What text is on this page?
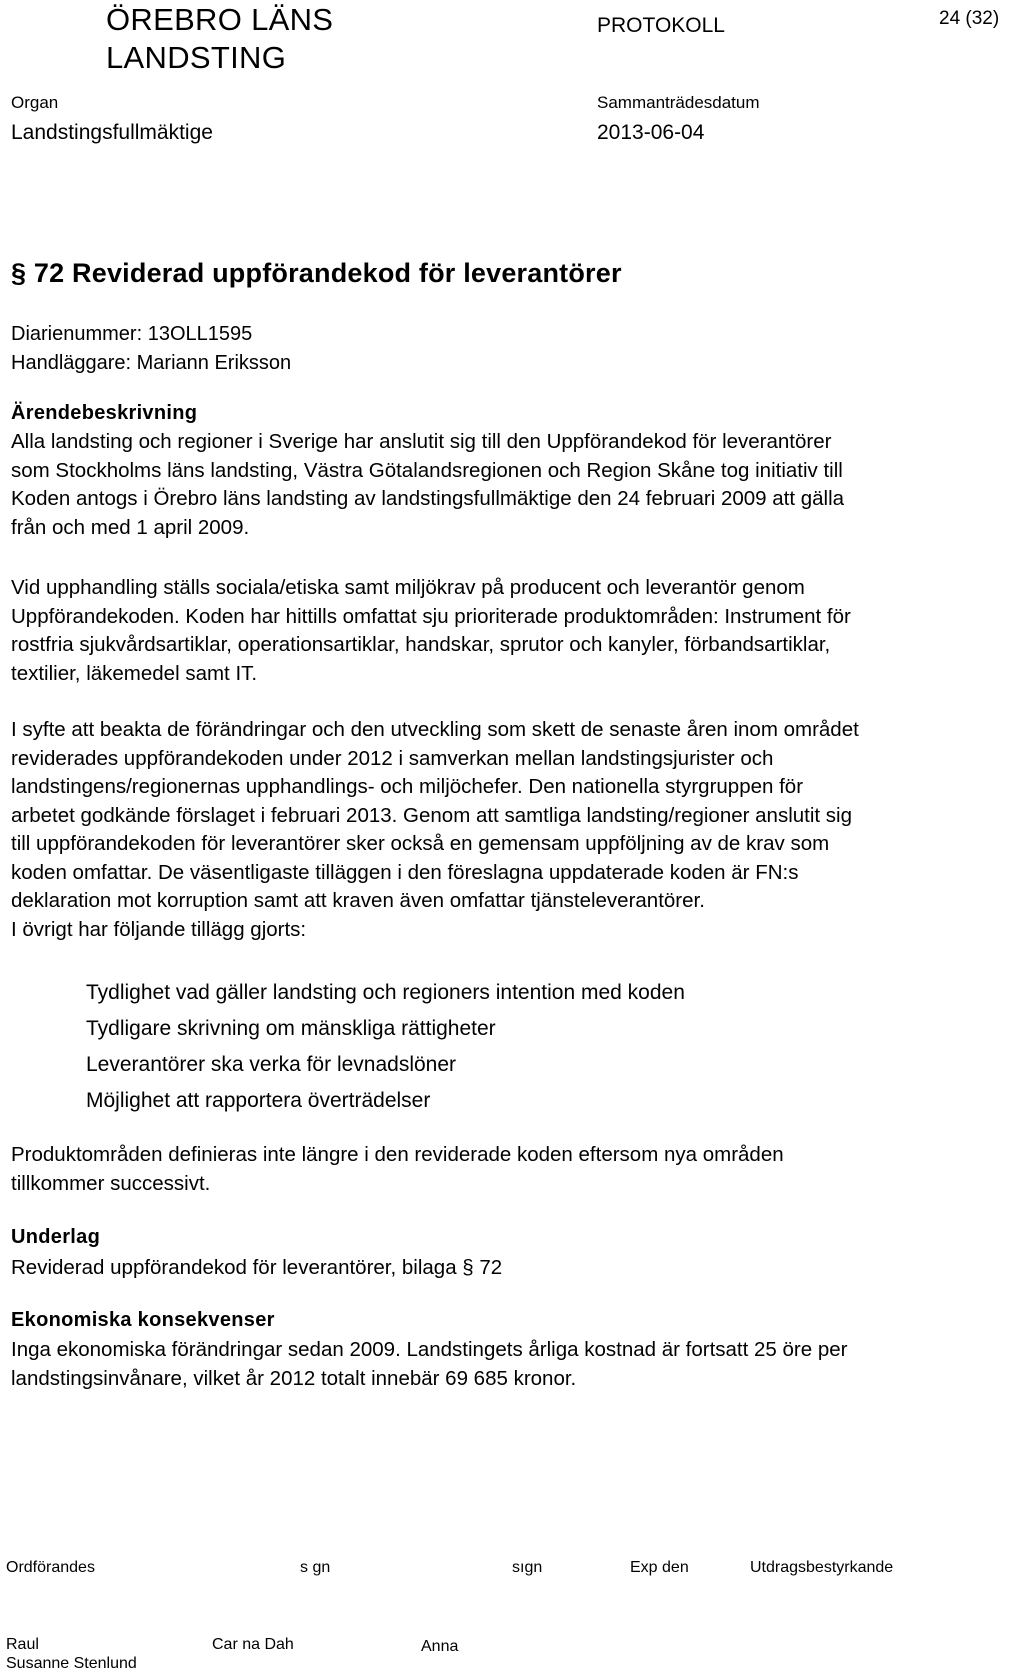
ÖREBRO LÄNS
LANDSTING
PROTOKOLL	24 (32)
Organ
Landstingsfullmäktige
Sammanträdesdatum
2013-06-04
§ 72 Reviderad uppförandekod för leverantörer
Diarienummer: 13OLL1595
Handläggare: Mariann Eriksson
Ärendebeskrivning
Alla landsting och regioner i Sverige har anslutit sig till den Uppförandekod för leverantörer
som Stockholms läns landsting, Västra Götalandsregionen och Region Skåne tog initiativ till
Koden antogs i Örebro läns landsting av landstingsfullmäktige den 24 februari 2009 att gälla
från och med 1 april 2009.
Vid upphandling ställs sociala/etiska samt miljökrav på producent och leverantör genom
Uppförandekoden. Koden har hittills omfattat sju prioriterade produktområden: Instrument för
rostfria sjukvårdsartiklar, operationsartiklar, handskar, sprutor och kanyler, förbandsartiklar,
textilier, läkemedel samt IT.
I syfte att beakta de förändringar och den utveckling som skett de senaste åren inom området
reviderades uppförandekoden under 2012 i samverkan mellan landstingsjurister och
landstingens/regionernas upphandlings- och miljöchefer. Den nationella styrgruppen för
arbetet godkände förslaget i februari 2013. Genom att samtliga landsting/regioner anslutit sig
till uppförandekoden för leverantörer sker också en gemensam uppföljning av de krav som
koden omfattar. De väsentligaste tilläggen i den föreslagna uppdaterade koden är FN:s
deklaration mot korruption samt att kraven även omfattar tjänsteleverantörer.
I övrigt har följande tillägg gjorts:
Tydlighet vad gäller landsting och regioners intention med koden
Tydligare skrivning om mänskliga rättigheter
Leverantörer ska verka för levnadslöner
Möjlighet att rapportera överträdelser
Produktområden definieras inte längre i den reviderade koden eftersom nya områden
tillkommer successivt.
Underlag
Reviderad uppförandekod för leverantörer, bilaga § 72
Ekonomiska konsekvenser
Inga ekonomiska förändringar sedan 2009. Landstingets årliga kostnad är fortsatt 25 öre per
landstingsinvånare, vilket år 2012 totalt innebär 69 685 kronor.
Ordförandes	s gn	sıgn	Exp den	Utdragsbestyrkande
Raul
Susanne Stenlund
Car na Dah	Anna
